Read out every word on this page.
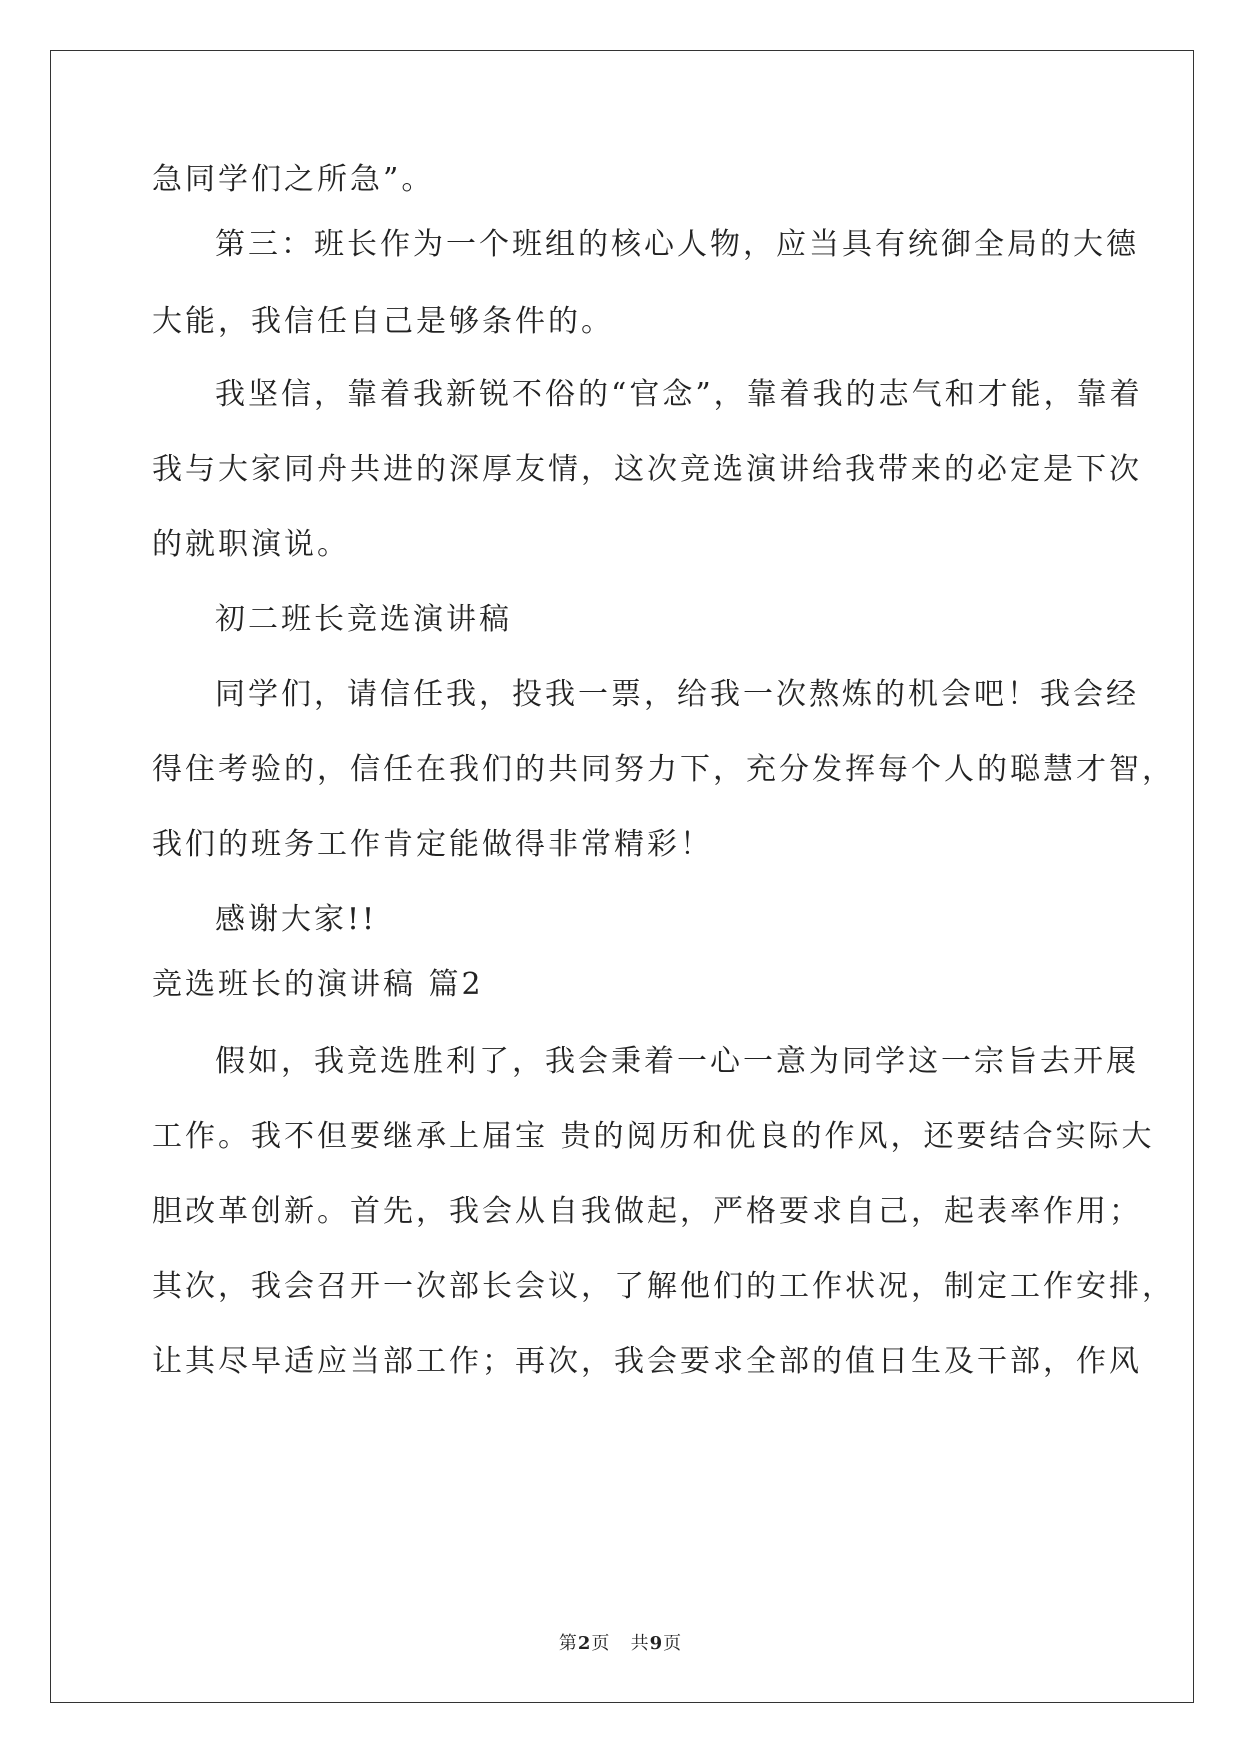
急同学们之所急”。
第三：班长作为一个班组的核心人物，应当具有统御全局的大德
大能，我信任自己是够条件的。
我坚信，靠着我新锐不俗的“官念”，靠着我的志气和才能，靠着
我与大家同舟共进的深厚友情，这次竞选演讲给我带来的必定是下次
的就职演说。
初二班长竞选演讲稿
同学们，请信任我，投我一票，给我一次熬炼的机会吧！我会经
得住考验的，信任在我们的共同努力下，充分发挥每个人的聪慧才智，
我们的班务工作肯定能做得非常精彩！
感谢大家!!
竞选班长的演讲稿 篇2
假如，我竞选胜利了，我会秉着一心一意为同学这一宗旨去开展
工作。我不但要继承上届宝 贵的阅历和优良的作风，还要结合实际大
胆改革创新。首先，我会从自我做起，严格要求自己，起表率作用；
其次，我会召开一次部长会议，了解他们的工作状况，制定工作安排，
让其尽早适应当部工作；再次，我会要求全部的值日生及干部，作风
第2页 共9页
